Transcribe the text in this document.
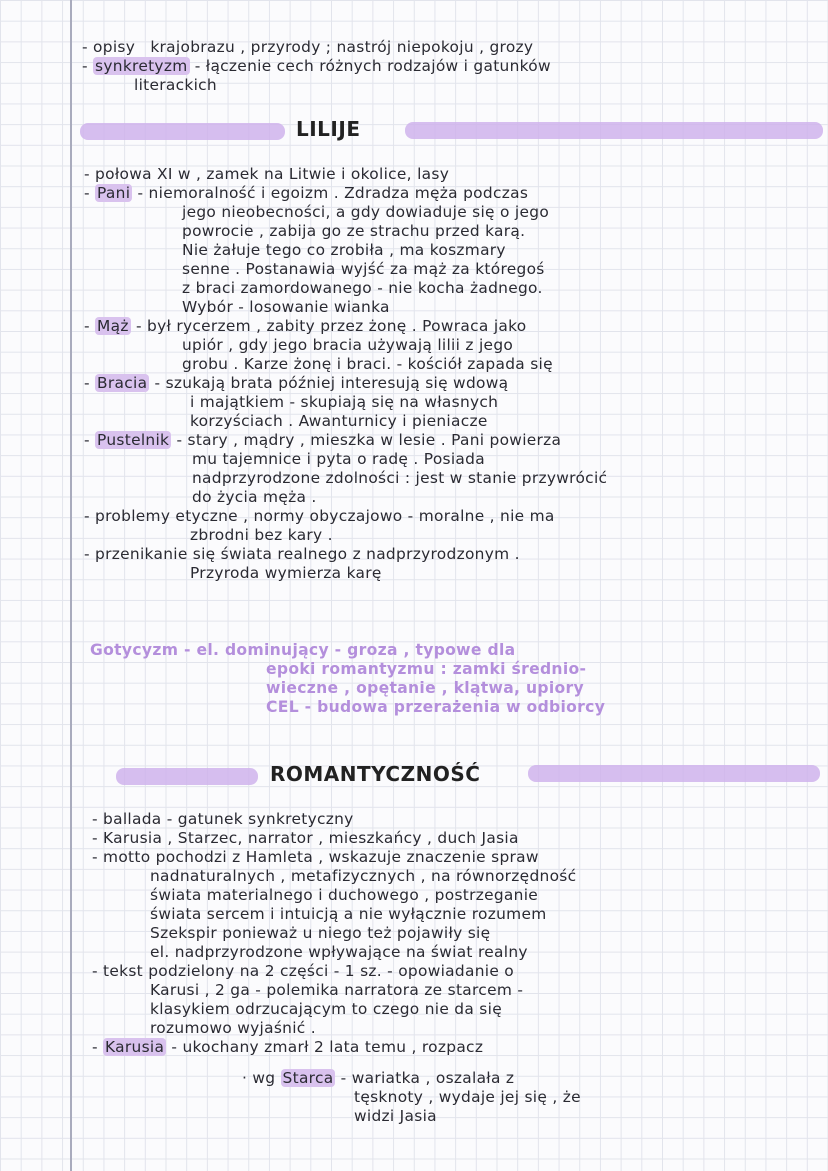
- opisy krajobrazu , przyrody ; nastrój niepokoju , grozy
- synkretyzm - łączenie cech różnych rodzajów i gatunków
literackich
LILIJE
- połowa XI w , zamek na Litwie i okolice, lasy
- Pani - niemoralność i egoizm . Zdradza męża podczas
jego nieobecności, a gdy dowiaduje się o jego
powrocie , zabija go ze strachu przed karą.
Nie żałuje tego co zrobiła , ma koszmary
senne . Postanawia wyjść za mąż za któregoś
z braci zamordowanego - nie kocha żadnego.
Wybór - losowanie wianka
- Mąż - był rycerzem , zabity przez żonę . Powraca jako
upiór , gdy jego bracia używają lilii z jego
grobu . Karze żonę i braci. - kościół zapada się
- Bracia - szukają brata później interesują się wdową
i majątkiem - skupiają się na własnych
korzyściach . Awanturnicy i pieniacze
- Pustelnik - stary , mądry , mieszka w lesie . Pani powierza
mu tajemnice i pyta o radę . Posiada
nadprzyrodzone zdolności : jest w stanie przywrócić
do życia męża .
- problemy etyczne , normy obyczajowo - moralne , nie ma
zbrodni bez kary .
- przenikanie się świata realnego z nadprzyrodzonym .
Przyroda wymierza karę
Gotycyzm - el. dominujący - groza , typowe dla
epoki romantyzmu : zamki średnio-
wieczne , opętanie , klątwa, upiory
CEL - budowa przerażenia w odbiorcy
ROMANTYCZNOŚĆ
- ballada - gatunek synkretyczny
- Karusia , Starzec, narrator , mieszkańcy , duch Jasia
- motto pochodzi z Hamleta , wskazuje znaczenie spraw
nadnaturalnych , metafizycznych , na równorzędność
świata materialnego i duchowego , postrzeganie
świata sercem i intuicją a nie wyłącznie rozumem
Szekspir ponieważ u niego też pojawiły się
el. nadprzyrodzone wpływające na świat realny
- tekst podzielony na 2 części - 1 sz. - opowiadanie o
Karusi , 2 ga - polemika narratora ze starcem -
klasykiem odrzucającym to czego nie da się
rozumowo wyjaśnić .
- Karusia - ukochany zmarł 2 lata temu , rozpacz
· wg Starca - wariatka , oszalała z
tęsknoty , wydaje jej się , że
widzi Jasia
